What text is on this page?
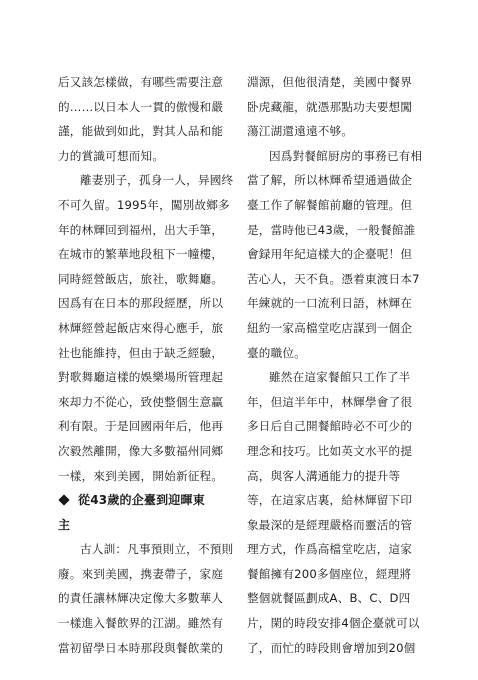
后又該怎樣做，有哪些需要注意
的……以日本人一貫的傲慢和嚴
謹，能做到如此，對其人品和能
力的賞識可想而知。
離妻別子，孤身一人，异國终
不可久留。1995年，闖別故鄉多
年的林輝回到福州，出大手筆，
在城市的繁華地段租下一幢樓，
同時經營飯店，旅社，歌舞廳。
因爲有在日本的那段經歷，所以
林輝經營起飯店來得心應手，旅
社也能維持，但由于缺乏經驗，
對歌舞廳這樣的娛樂場所管理起
來却力不從心，致使整個生意贏
利有限。于是回國兩年后，他再
次毅然離開，像大多數福州同鄉
一樣，來到美國，開始新征程。
從43歲的企臺到迎暉東
主
古人訓：凡事預則立，不預則
廢。來到美國，携妻帶子，家庭
的責任讓林輝决定像大多數華人
一樣進入餐飲界的江湖。雖然有
當初留學日本時那段與餐飲業的
淵源，但他很清楚，美國中餐界
卧虎藏龍，就憑那點功夫要想闖
蕩江湖還遠遠不够。
因爲對餐館厨房的事務已有相
當了解，所以林輝希望通過做企
臺工作了解餐館前廳的管理。但
是，當時他已43歲，一般餐館誰
會録用年紀這樣大的企臺呢！但
苦心人，天不負。憑着東渡日本7
年練就的一口流利日語，林輝在
紐約一家高檔堂吃店謀到一個企
臺的職位。
雖然在這家餐館只工作了半
年，但這半年中，林輝學會了很
多日后自己開餐館時必不可少的
理念和技巧。比如英文水平的提
高，與客人溝通能力的提升等
等，在這家店裏，給林輝留下印
象最深的是經理嚴格而靈活的管
理方式，作爲高檔堂吃店，這家
餐館擁有200多個座位，經理將
整個就餐區劃成A、B、C、D四
片，閑的時段安排4個企臺就可以
了，而忙的時段則會增加到20個
